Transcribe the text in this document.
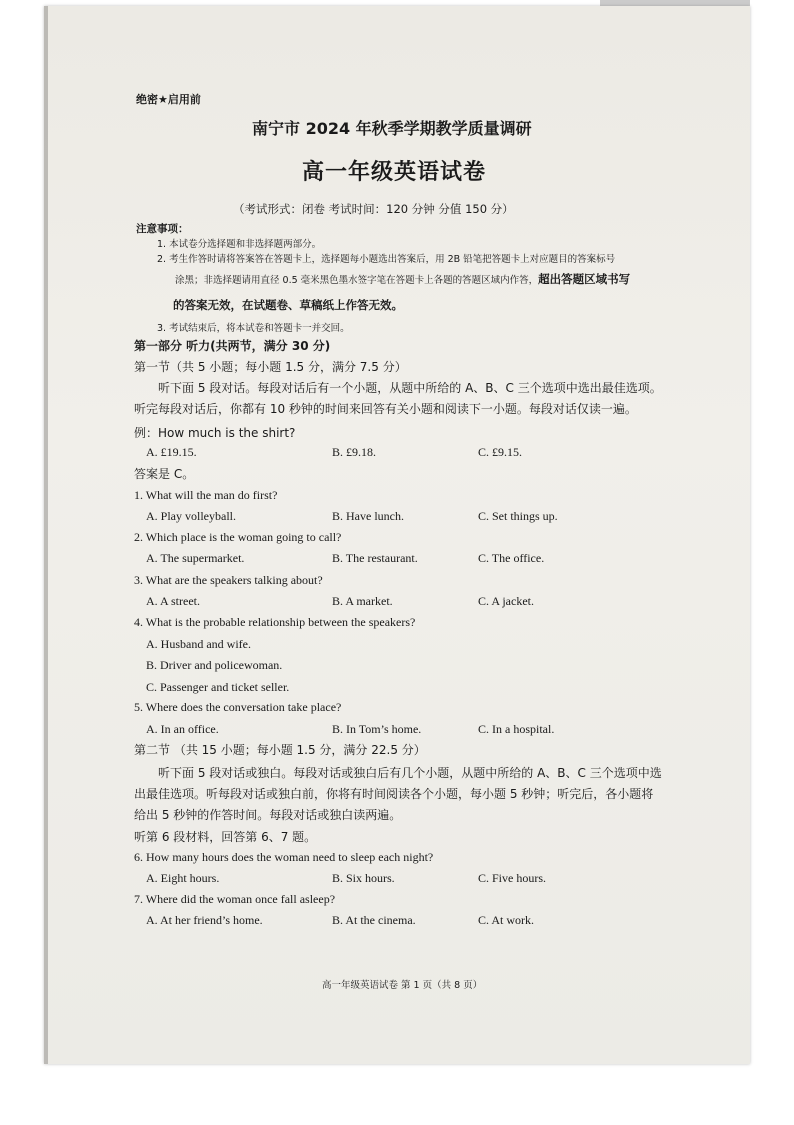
绝密★启用前
南宁市 2024 年秋季学期教学质量调研
高一年级英语试卷
（考试形式：闭卷 考试时间：120 分钟 分值 150 分）
注意事项：
1. 本试卷分选择题和非选择题两部分。
2. 考生作答时请将答案答在答题卡上，选择题每小题选出答案后，用 2B 铅笔把答题卡上对应题目的答案标号
涂黑；非选择题请用直径 0.5 毫米黑色墨水签字笔在答题卡上各题的答题区域内作答，超出答题区域书写
的答案无效，在试题卷、草稿纸上作答无效。
3. 考试结束后，将本试卷和答题卡一并交回。
第一部分 听力(共两节，满分 30 分)
第一节（共 5 小题；每小题 1.5 分，满分 7.5 分）
听下面 5 段对话。每段对话后有一个小题，从题中所给的 A、B、C 三个选项中选出最佳选项。
听完每段对话后，你都有 10 秒钟的时间来回答有关小题和阅读下一小题。每段对话仅读一遍。
例：How much is the shirt?
A. £19.15.	B. £9.18.	C. £9.15.
答案是 C。
1. What will the man do first?
A. Play volleyball.	B. Have lunch.	C. Set things up.
2. Which place is the woman going to call?
A. The supermarket.	B. The restaurant.	C. The office.
3. What are the speakers talking about?
A. A street.	B. A market.	C. A jacket.
4. What is the probable relationship between the speakers?
A. Husband and wife.
B. Driver and policewoman.
C. Passenger and ticket seller.
5. Where does the conversation take place?
A. In an office.	B. In Tom’s home.	C. In a hospital.
第二节 （共 15 小题；每小题 1.5 分，满分 22.5 分）
听下面 5 段对话或独白。每段对话或独白后有几个小题，从题中所给的 A、B、C 三个选项中选
出最佳选项。听每段对话或独白前，你将有时间阅读各个小题，每小题 5 秒钟；听完后，各小题将
给出 5 秒钟的作答时间。每段对话或独白读两遍。
听第 6 段材料，回答第 6、7 题。
6. How many hours does the woman need to sleep each night?
A. Eight hours.	B. Six hours.	C. Five hours.
7. Where did the woman once fall asleep?
A. At her friend’s home.	B. At the cinema.	C. At work.
高一年级英语试卷 第 1 页（共 8 页）
